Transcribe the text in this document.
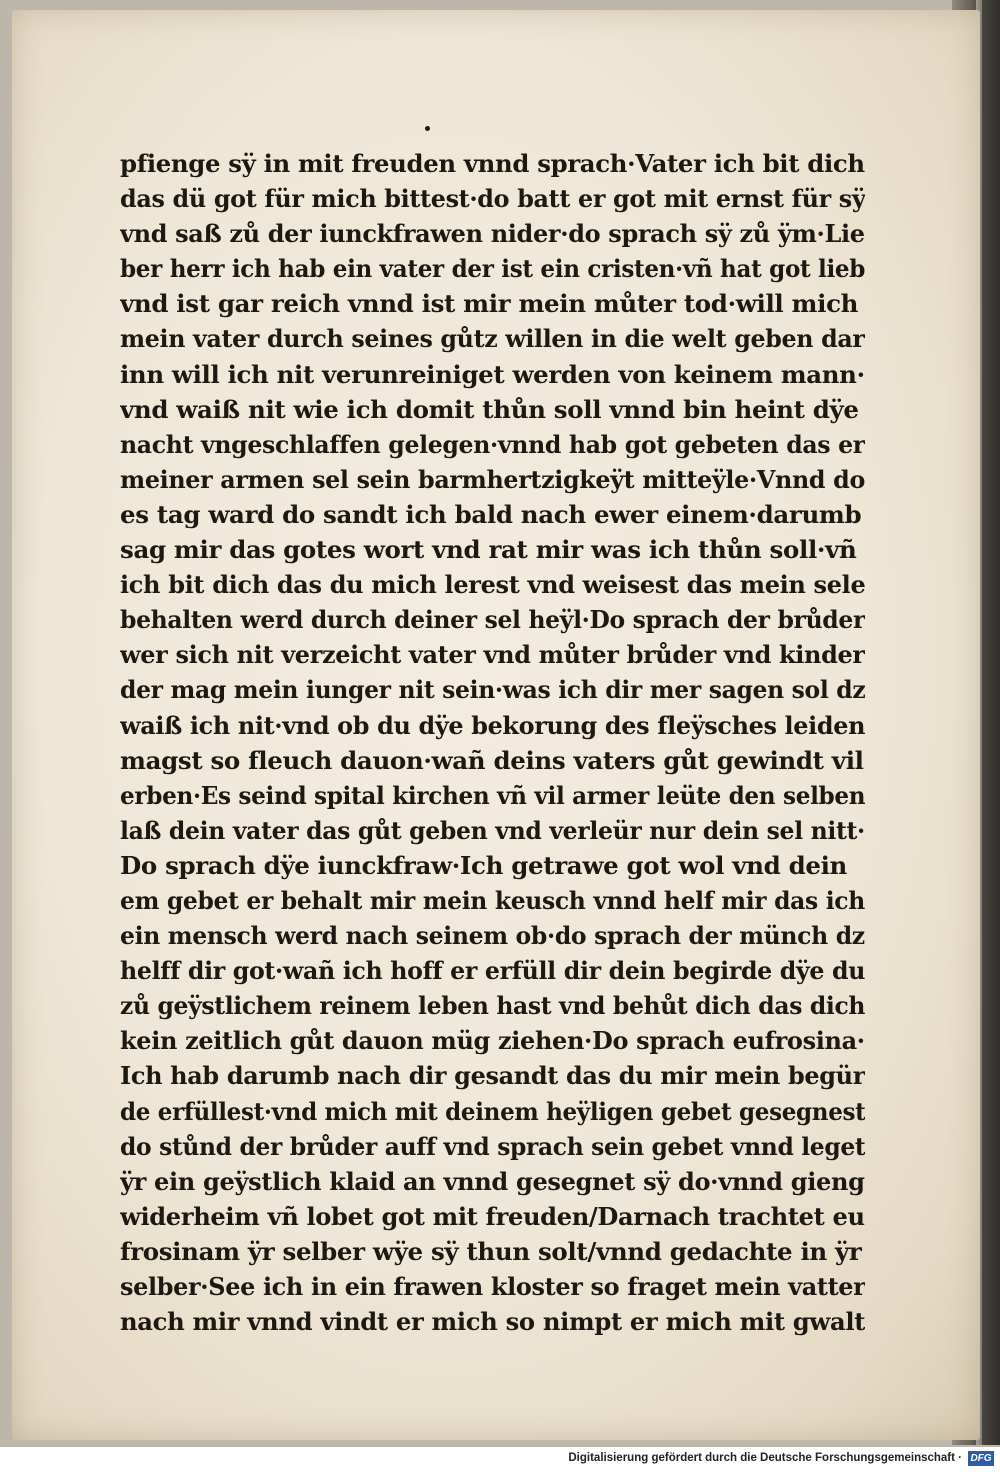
pfienge sÿ in mit freuden vnnd sprach·Vater ich bit dich
das dü got für mich bittest·do batt er got mit ernst für sÿ
vnd saß zů der iunckfrawen nider·do sprach sÿ zů ÿm·Lie
ber herr ich hab ein vater der ist ein cristen·vñ hat got lieb
vnd ist gar reich vnnd ist mir mein můter tod·will mich
mein vater durch seines gůtz willen in die welt geben dar
inn will ich nit verunreiniget werden von keinem mann·
vnd waiß nit wie ich domit thůn soll vnnd bin heint dÿe
nacht vngeschlaffen gelegen·vnnd hab got gebeten das er
meiner armen sel sein barmhertzigkeÿt mitteÿle·Vnnd do
es tag ward do sandt ich bald nach ewer einem·darumb
sag mir das gotes wort vnd rat mir was ich thůn soll·vñ
ich bit dich das du mich lerest vnd weisest das mein sele
behalten werd durch deiner sel heÿl·Do sprach der brůder
wer sich nit verzeicht vater vnd můter brůder vnd kinder
der mag mein iunger nit sein·was ich dir mer sagen sol dz
waiß ich nit·vnd ob du dÿe bekorung des fleÿsches leiden
magst so fleuch dauon·wañ deins vaters gůt gewindt vil
erben·Es seind spital kirchen vñ vil armer leüte den selben
laß dein vater das gůt geben vnd verleür nur dein sel nitt·
Do sprach dÿe iunckfraw·Ich getrawe got wol vnd dein
em gebet er behalt mir mein keusch vnnd helf mir das ich
ein mensch werd nach seinem ob·do sprach der münch dz
helff dir got·wañ ich hoff er erfüll dir dein begirde dÿe du
zů geÿstlichem reinem leben hast vnd behůt dich das dich
kein zeitlich gůt dauon müg ziehen·Do sprach eufrosina·
Ich hab darumb nach dir gesandt das du mir mein begür
de erfüllest·vnd mich mit deinem heÿligen gebet gesegnest
do stůnd der brůder auff vnd sprach sein gebet vnnd leget
ÿr ein geÿstlich klaid an vnnd gesegnet sÿ do·vnnd gieng
widerheim vñ lobet got mit freuden/Darnach trachtet eu
frosinam ÿr selber wÿe sÿ thun solt/vnnd gedachte in ÿr
selber·See ich in ein frawen kloster so fraget mein vatter
nach mir vnnd vindt er mich so nimpt er mich mit gwalt
Digitalisierung gefördert durch die Deutsche Forschungsgemeinschaft · DFG
